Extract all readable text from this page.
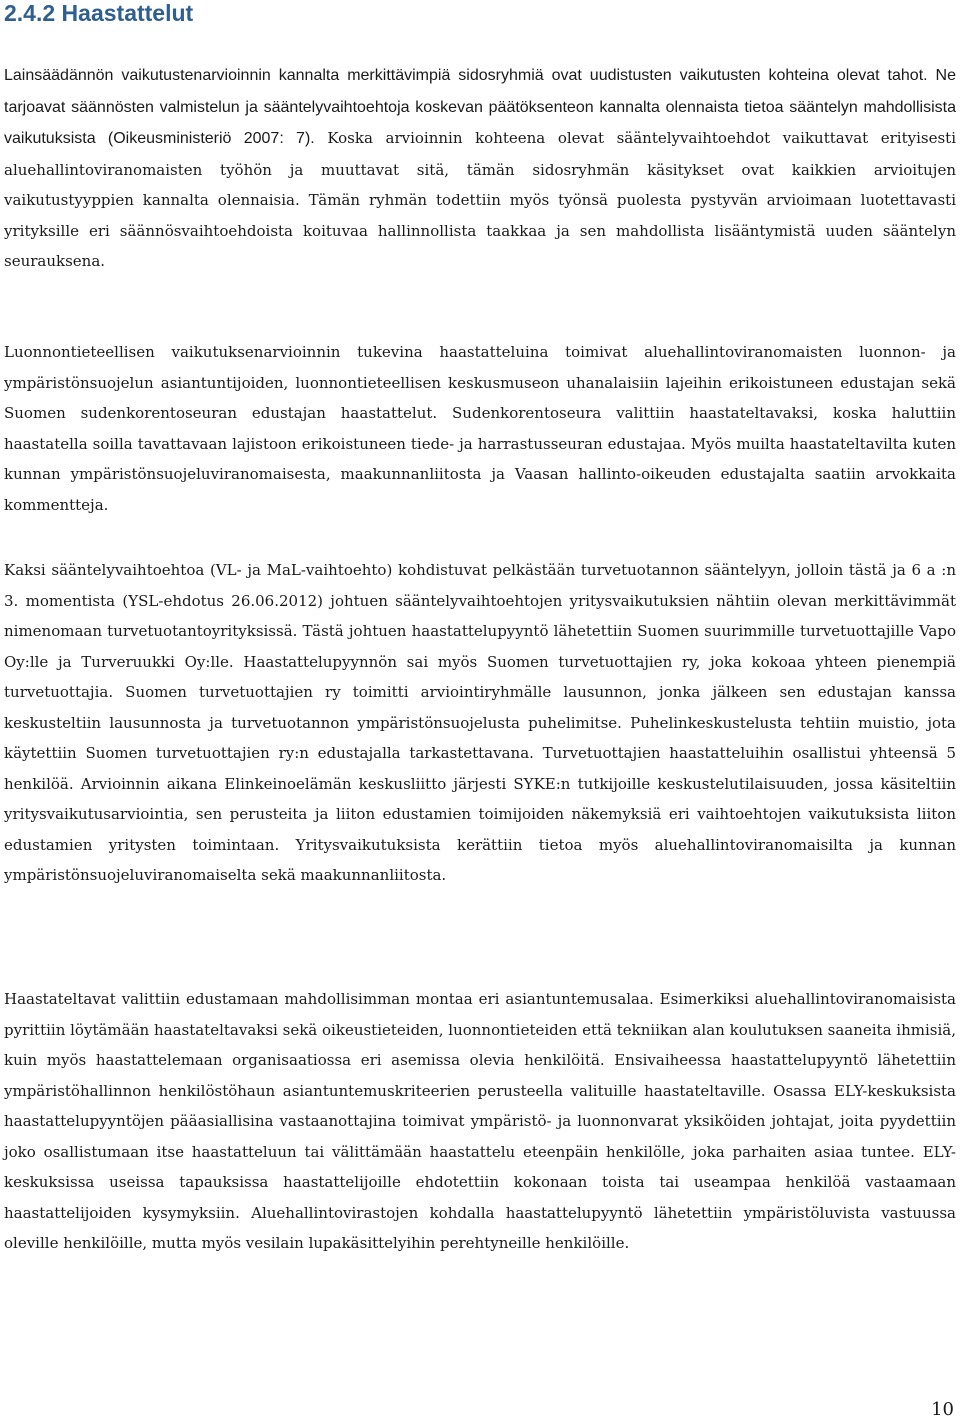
2.4.2 Haastattelut

Lainsäädännön vaikutustenarvioinnin kannalta merkittävimpiä sidosryhmiä ovat uudistusten vaikutusten kohteina olevat tahot. Ne tarjoavat säännösten valmistelun ja sääntelyvaihtoehtoja koskevan päätöksenteon kannalta olennaista tietoa sääntelyn mahdollisista vaikutuksista (Oikeusministeriö 2007: 7). Koska arvioinnin kohteena olevat sääntelyvaihtoehdot vaikuttavat erityisesti aluehallintoviranomaisten työhön ja muuttavat sitä, tämän sidosryhmän käsitykset ovat kaikkien arvioitujen vaikutustyyppien kannalta olennaisia. Tämän ryhmän todettiin myös työnsä puolesta pystyvän arvioimaan luotettavasti yrityksille eri säännösvaihtoehdoista koituvaa hallinnollista taakkaa ja sen mahdollista lisääntymistä uuden sääntelyn seurauksena.

Luonnontieteellisen vaikutuksenarvioinnin tukevina haastatteluina toimivat aluehallintoviranomaisten luonnon- ja ympäristönsuojelun asiantuntijoiden, luonnontieteellisen keskusmuseon uhanalaisiin lajeihin erikoistuneen edustajan sekä Suomen sudenkorentoseuran edustajan haastattelut. Sudenkorentoseura valittiin haastateltavaksi, koska haluttiin haastatella soilla tavattavaan lajistoon erikoistuneen tiede- ja harrastusseuran edustajaa. Myös muilta haastateltavilta kuten kunnan ympäristönsuojeluviranomaisesta, maakunnanliitosta ja Vaasan hallinto-oikeuden edustajalta saatiin arvokkaita kommentteja.

Kaksi sääntelyvaihtoehtoa (VL- ja MaL-vaihtoehto) kohdistuvat pelkästään turvetuotannon sääntelyyn, jolloin tästä ja 6 a :n 3. momentista (YSL-ehdotus 26.06.2012) johtuen sääntelyvaihtoehtojen yritysvaikutuksien nähtiin olevan merkittävimmät nimenomaan turvetuotantoyrityksissä. Tästä johtuen haastattelupyyntö lähetettiin Suomen suurimmille turvetuottajille Vapo Oy:lle ja Turveruukki Oy:lle. Haastattelupyynnön sai myös Suomen turvetuottajien ry, joka kokoaa yhteen pienempiä turvetuottajia. Suomen turvetuottajien ry toimitti arviointiryhmälle lausunnon, jonka jälkeen sen edustajan kanssa keskusteltiin lausunnosta ja turvetuotannon ympäristönsuojelusta puhelimitse. Puhelinkeskustelusta tehtiin muistio, jota käytettiin Suomen turvetuottajien ry:n edustajalla tarkastettavana. Turvetuottajien haastatteluihin osallistui yhteensä 5 henkilöä. Arvioinnin aikana Elinkeinoelämän keskusliitto järjesti SYKE:n tutkijoille keskustelutilaisuuden, jossa käsiteltiin yritysvaikutusarviointia, sen perusteita ja liiton edustamien toimijoiden näkemyksiä eri vaihtoehtojen vaikutuksista liiton edustamien yritysten toimintaan. Yritysvaikutuksista kerättiin tietoa myös aluehallintoviranomaisilta ja kunnan ympäristönsuojeluviranomaiselta sekä maakunnanliitosta.

Haastateltavat valittiin edustamaan mahdollisimman montaa eri asiantuntemusalaa. Esimerkiksi aluehallintoviranomaisista pyrittiin löytämään haastateltavaksi sekä oikeustieteiden, luonnontieteiden että tekniikan alan koulutuksen saaneita ihmisiä, kuin myös haastattelemaan organisaatiossa eri asemissa olevia henkilöitä. Ensivaiheessa haastattelupyyntö lähetettiin ympäristöhallinnon henkilöstöhaun asiantuntemuskriteerien perusteella valituille haastateltaville. Osassa ELY-keskuksista haastattelupyyntöjen pääasiallisina vastaanottajina toimivat ympäristö- ja luonnonvarat yksiköiden johtajat, joita pyydettiin joko osallistumaan itse haastatteluun tai välittämään haastattelu eteenpäin henkilölle, joka parhaiten asiaa tuntee. ELY-keskuksissa useissa tapauksissa haastattelijoille ehdotettiin kokonaan toista tai useampaa henkilöä vastaamaan haastattelijoiden kysymyksiin. Aluehallintovirastojen kohdalla haastattelupyyntö lähetettiin ympäristöluvista vastuussa oleville henkilöille, mutta myös vesilain lupakäsittelyihin perehtyneille henkilöille.

10
